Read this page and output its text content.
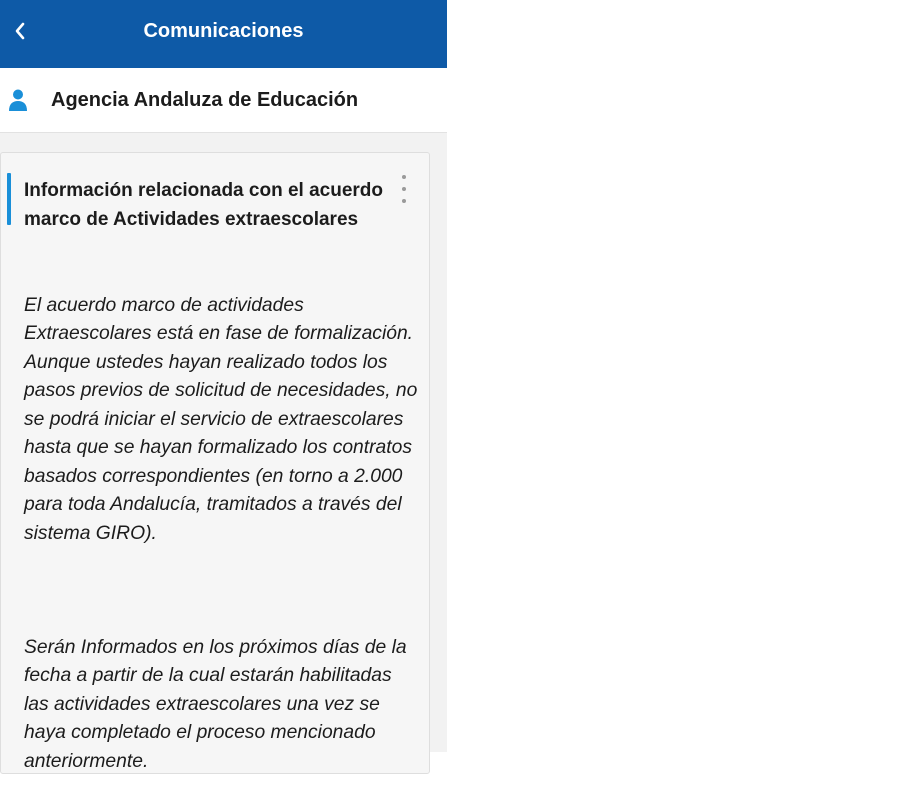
Comunicaciones
Agencia Andaluza de Educación
Información relacionada con el acuerdo marco de Actividades extraescolares

El acuerdo marco de actividades Extraescolares está en fase de formalización. Aunque ustedes hayan realizado todos los pasos previos de solicitud de necesidades, no se podrá iniciar el servicio de extraescolares hasta que se hayan formalizado los contratos basados correspondientes (en torno a 2.000 para toda Andalucía, tramitados a través del sistema GIRO).

Serán Informados en los próximos días de la fecha a partir de la cual estarán habilitadas las actividades extraescolares una vez se haya completado el proceso mencionado anteriormente.
